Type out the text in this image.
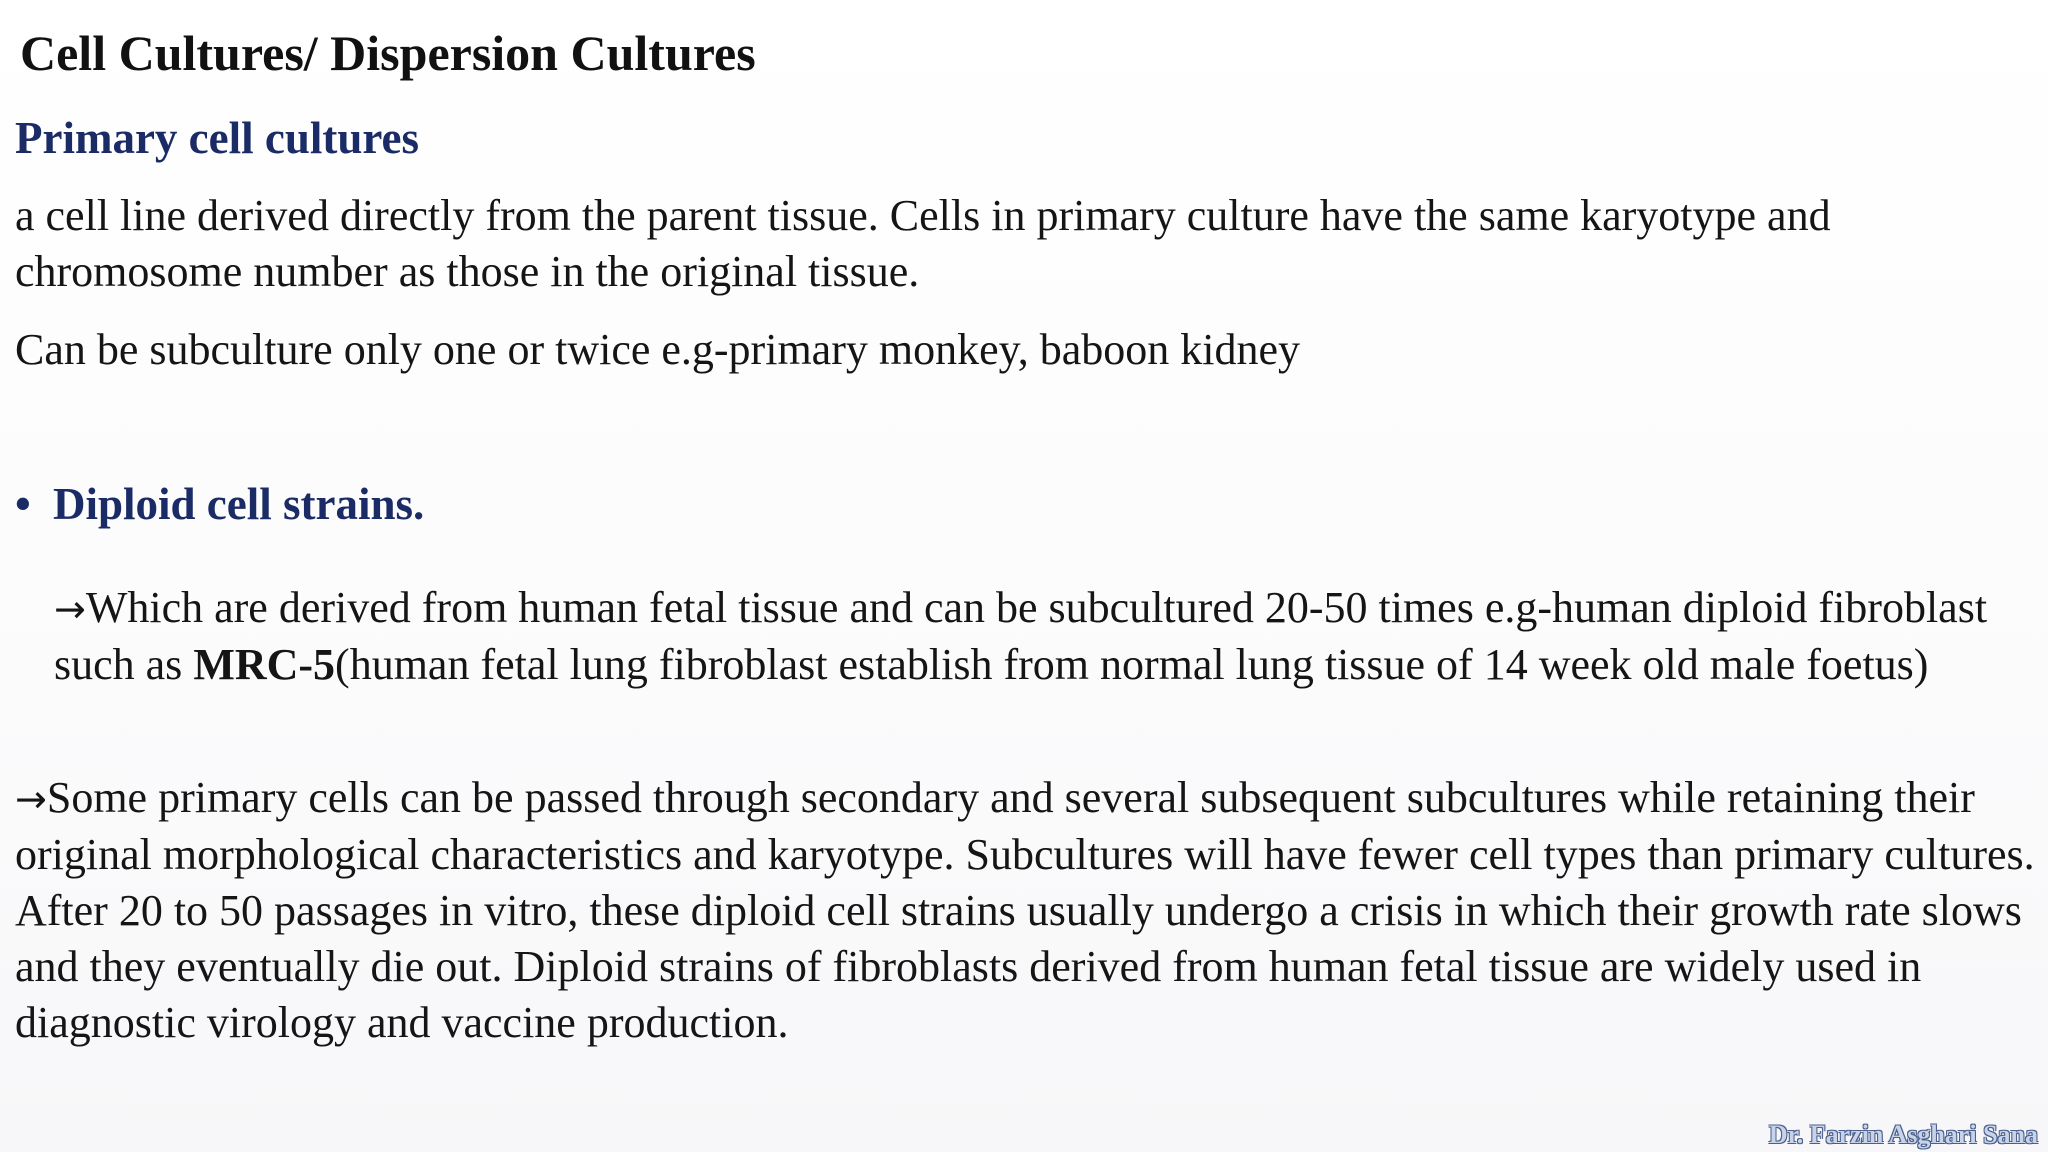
Cell Cultures/ Dispersion Cultures
Primary cell cultures
a cell line derived directly from the parent tissue. Cells in primary culture have the same karyotype and chromosome number as those in the original tissue.
Can be subculture only one or twice e.g-primary monkey, baboon kidney
• Diploid cell strains.
→Which are derived from human fetal tissue and can be subcultured 20-50 times e.g-human diploid fibroblast such as MRC-5(human fetal lung fibroblast establish from normal lung tissue of 14 week old male foetus)
→Some primary cells can be passed through secondary and several subsequent subcultures while retaining their original morphological characteristics and karyotype. Subcultures will have fewer cell types than primary cultures. After 20 to 50 passages in vitro, these diploid cell strains usually undergo a crisis in which their growth rate slows and they eventually die out. Diploid strains of fibroblasts derived from human fetal tissue are widely used in diagnostic virology and vaccine production.
Dr. Farzin Asghari Sana
